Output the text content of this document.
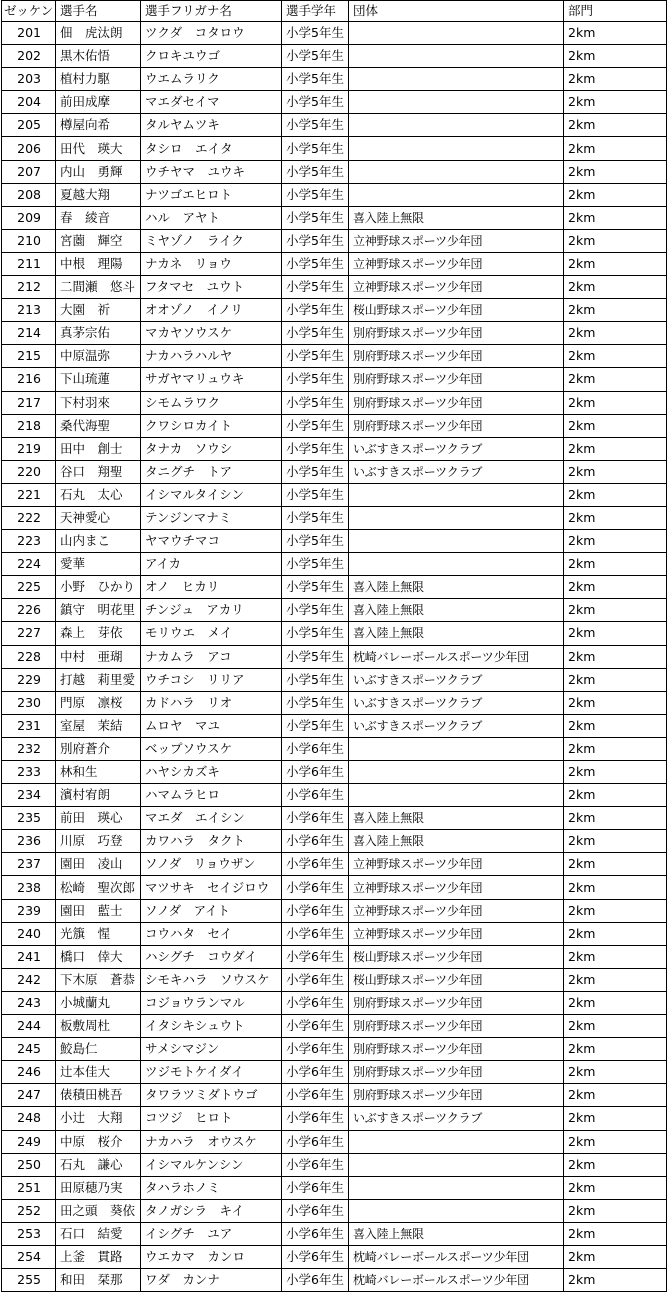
ゼッケン	選手名	選手フリガナ名	選手学年	団体	部門
201	佃　虎汰朗	ツクダ　コタロウ	小学5年生		2km
202	黒木佑悟	クロキユウゴ	小学5年生		2km
203	植村力駆	ウエムラリク	小学5年生		2km
204	前田成摩	マエダセイマ	小学5年生		2km
205	樽屋向希	タルヤムツキ	小学5年生		2km
206	田代　瑛大	タシロ　エイタ	小学5年生		2km
207	内山　勇輝	ウチヤマ　ユウキ	小学5年生		2km
208	夏越大翔	ナツゴエヒロト	小学5年生		2km
209	春　綾音	ハル　アヤト	小学5年生	喜入陸上無限	2km
210	宮薗　輝空	ミヤゾノ　ライク	小学5年生	立神野球スポーツ少年団	2km
211	中根　理陽	ナカネ　リョウ	小学5年生	立神野球スポーツ少年団	2km
212	二間瀬　悠斗	フタマセ　ユウト	小学5年生	立神野球スポーツ少年団	2km
213	大園　祈	オオゾノ　イノリ	小学5年生	桜山野球スポーツ少年団	2km
214	真茅宗佑	マカヤソウスケ	小学5年生	別府野球スポーツ少年団	2km
215	中原温弥	ナカハラハルヤ	小学5年生	別府野球スポーツ少年団	2km
216	下山琉蓮	サガヤマリュウキ	小学5年生	別府野球スポーツ少年団	2km
217	下村羽來	シモムラワク	小学5年生	別府野球スポーツ少年団	2km
218	桑代海聖	クワシロカイト	小学5年生	別府野球スポーツ少年団	2km
219	田中　創士	タナカ　ソウシ	小学5年生	いぶすきスポーツクラブ	2km
220	谷口　翔聖	タニグチ　トア	小学5年生	いぶすきスポーツクラブ	2km
221	石丸　太心	イシマルタイシン	小学5年生		2km
222	天神愛心	テンジンマナミ	小学5年生		2km
223	山内まこ	ヤマウチマコ	小学5年生		2km
224	愛華	アイカ	小学5年生		2km
225	小野　ひかり	オノ　ヒカリ	小学5年生	喜入陸上無限	2km
226	鎮守　明花里	チンジュ　アカリ	小学5年生	喜入陸上無限	2km
227	森上　芽依	モリウエ　メイ	小学5年生	喜入陸上無限	2km
228	中村　亜瑚	ナカムラ　アコ	小学5年生	枕崎バレーボールスポーツ少年団	2km
229	打越　莉里愛	ウチコシ　リリア	小学5年生	いぶすきスポーツクラブ	2km
230	門原　凛桜	カドハラ　リオ	小学5年生	いぶすきスポーツクラブ	2km
231	室屋　茉結	ムロヤ　マユ	小学5年生	いぶすきスポーツクラブ	2km
232	別府蒼介	ベップソウスケ	小学6年生		2km
233	林和生	ハヤシカズキ	小学6年生		2km
234	濱村宥朗	ハマムラヒロ	小学6年生		2km
235	前田　瑛心	マエダ　エイシン	小学6年生	喜入陸上無限	2km
236	川原　巧登	カワハラ　タクト	小学6年生	喜入陸上無限	2km
237	園田　凌山	ソノダ　リョウザン	小学6年生	立神野球スポーツ少年団	2km
238	松崎　聖次郎	マツサキ　セイジロウ	小学6年生	立神野球スポーツ少年団	2km
239	園田　藍士	ソノダ　アイト	小学6年生	立神野球スポーツ少年団	2km
240	光籏　惺	コウハタ　セイ	小学6年生	立神野球スポーツ少年団	2km
241	橋口　倖大	ハシグチ　コウダイ	小学6年生	桜山野球スポーツ少年団	2km
242	下木原　蒼恭	シモキハラ　ソウスケ	小学6年生	桜山野球スポーツ少年団	2km
243	小城蘭丸	コジョウランマル	小学6年生	別府野球スポーツ少年団	2km
244	板敷周杜	イタシキシュウト	小学6年生	別府野球スポーツ少年団	2km
245	鮫島仁	サメシマジン	小学6年生	別府野球スポーツ少年団	2km
246	辻本佳大	ツジモトケイダイ	小学6年生	別府野球スポーツ少年団	2km
247	俵積田桃吾	タワラツミダトウゴ	小学6年生	別府野球スポーツ少年団	2km
248	小辻　大翔	コツジ　ヒロト	小学6年生	いぶすきスポーツクラブ	2km
249	中原　桜介	ナカハラ　オウスケ	小学6年生		2km
250	石丸　謙心	イシマルケンシン	小学6年生		2km
251	田原穂乃実	タハラホノミ	小学6年生		2km
252	田之頭　葵依	タノガシラ　キイ	小学6年生		2km
253	石口　結愛	イシグチ　ユア	小学6年生	喜入陸上無限	2km
254	上釜　貫路	ウエカマ　カンロ	小学6年生	枕崎バレーボールスポーツ少年団	2km
255	和田　栞那	ワダ　カンナ	小学6年生	枕崎バレーボールスポーツ少年団	2km
